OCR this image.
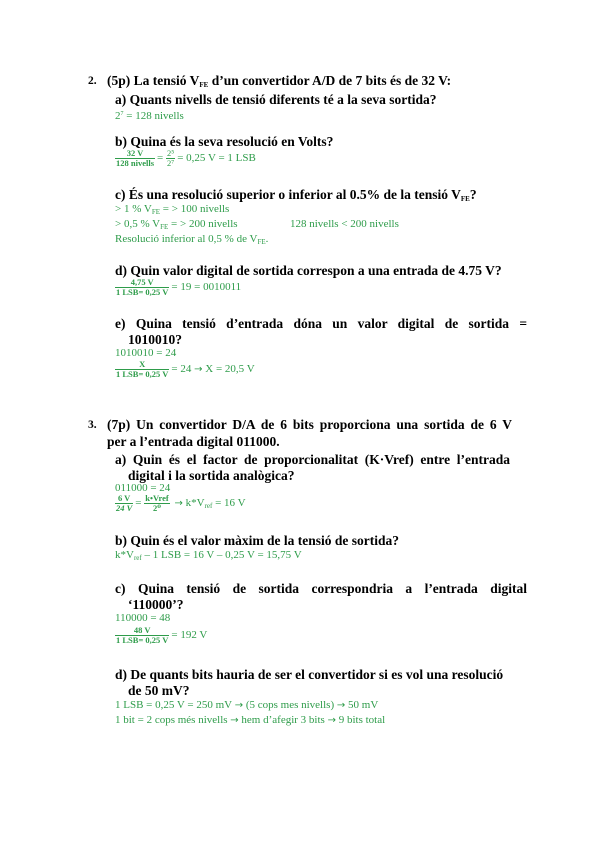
2. (5p) La tensió $V_{FE}$ d’un convertidor A/D de 7 bits és de 32 V:
a) Quants nivells de tensió diferents té a la seva sortida?
$2^7 = 128$ nivells
b) Quina és la seva resolució en Volts?
$\frac{32 V}{\text{128 nivells}} = \frac{\text{2⁵}}{\text{2⁷}} = 0,25$ V = 1 LSB
c) És una resolució superior o inferior al 0.5% de la tensió $V_{FE}$?
> 1 % $V_{FE}$ = > 100 nivells
> 0,5 % $V_{FE}$ = > 200 nivells	128 nivells < 200 nivells
Resolució inferior al 0,5 % de $V_{FE}$.
d) Quin valor digital de sortida correspon a una entrada de 4.75 V?
$\frac{4,75 V}{\text{1 LSB= 0,25 V}} = 19 = 0010011$
e) Quina tensió d’entrada dóna un valor digital de sortida =
1010010?
1010010 = 24
$\frac{X}{\text{1 LSB= 0,25 V}} = 24 \to X = 20,5$ V
3. (7p) Un convertidor D/A de 6 bits proporciona una sortida de 6 V
per a l’entrada digital 011000.
a) Quin és el factor de proporcionalitat (K·Vref) entre l’entrada
digital i la sortida analògica?
011000 = 24
$\frac{6 V}{24 V} = \frac{\text{k•Vref}}{\text{2⁰}} \to k*V_{ref} = 16$ V
b) Quin és el valor màxim de la tensió de sortida?
$k*V_{ref} - 1$ LSB = 16 V – 0,25 V = 15,75 V
c) Quina tensió de sortida correspondria a l’entrada digital
‘110000’?
110000 = 48
$\frac{48 V}{\text{1 LSB= 0,25 V}} = 192$ V
d) De quants bits hauria de ser el convertidor si es vol una resolució
de 50 mV?
1 LSB = 0,25 V = 250 mV → (5 cops mes nivells) → 50 mV
1 bit = 2 cops més nivells → hem d’afegir 3 bits → 9 bits total
